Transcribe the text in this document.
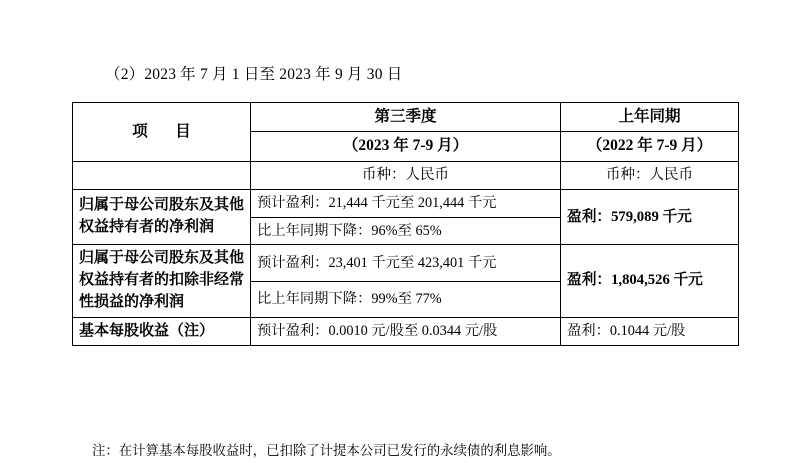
（2）2023 年 7 月 1 日至 2023 年 9 月 30 日
项　目	第三季度	上年同期
	（2023 年 7-9 月）	（2022 年 7-9 月）
	币种：人民币	币种：人民币
归属于母公司股东及其他权益持有者的净利润	预计盈利：21,444 千元至 201,444 千元	盈利：579,089 千元
	比上年同期下降：96%至 65%	
归属于母公司股东及其他权益持有者的扣除非经常性损益的净利润	预计盈利：23,401 千元至 423,401 千元	盈利：1,804,526 千元
	比上年同期下降：99%至 77%	
基本每股收益（注）	预计盈利：0.0010 元/股至 0.0344 元/股	盈利：0.1044 元/股
注：在计算基本每股收益时，已扣除了计提本公司已发行的永续债的利息影响。
